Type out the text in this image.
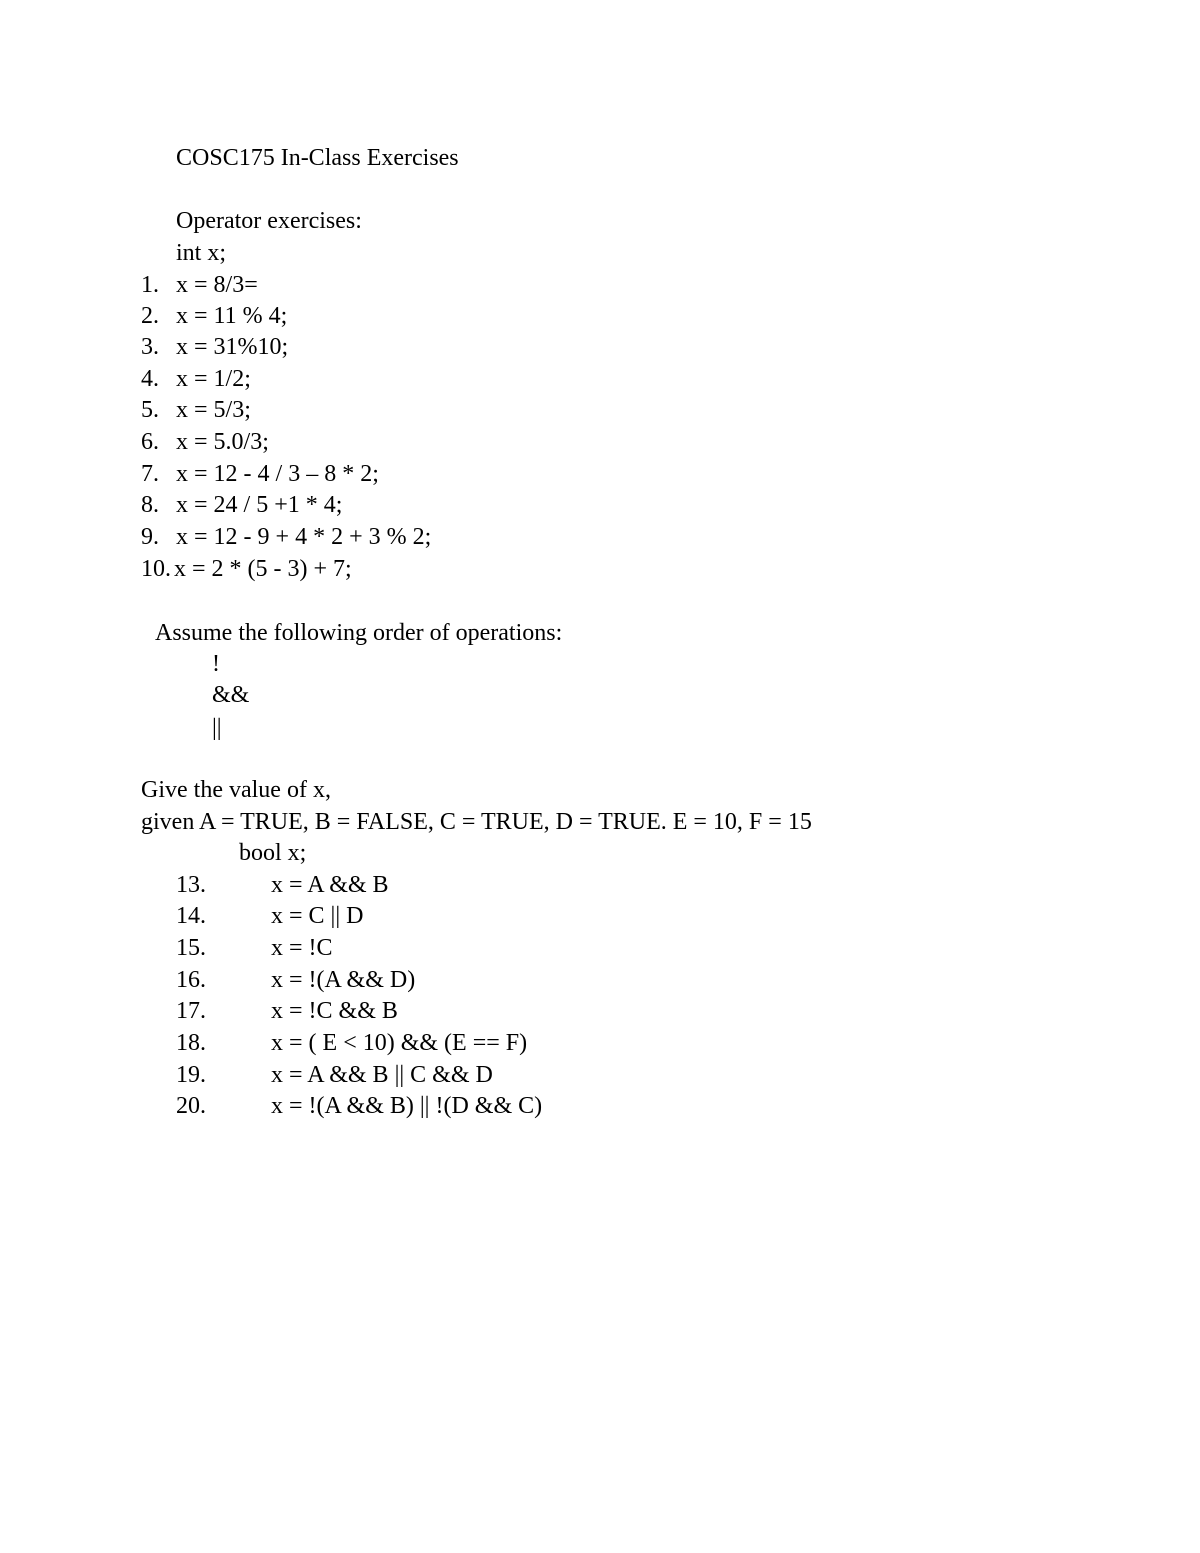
COSC175 In-Class Exercises
Operator exercises:
int x;
1. x = 8/3=
2. x = 11 % 4;
3. x = 31%10;
4. x = 1/2;
5. x = 5/3;
6. x = 5.0/3;
7. x = 12 - 4 / 3 – 8 * 2;
8. x = 24 / 5 +1 * 4;
9. x = 12 - 9 + 4 * 2 + 3 % 2;
10. x = 2 * (5 - 3) + 7;
Assume the following order of operations:
!
&&
||
Give the value of x,
given A = TRUE, B = FALSE, C = TRUE, D = TRUE. E = 10, F = 15
bool x;
13.	x = A && B
14.	x = C || D
15.	x = !C
16.	x = !(A && D)
17.	x = !C && B
18.	x = ( E < 10) && (E == F)
19.	x = A && B || C && D
20.	x = !(A && B) || !(D && C)
